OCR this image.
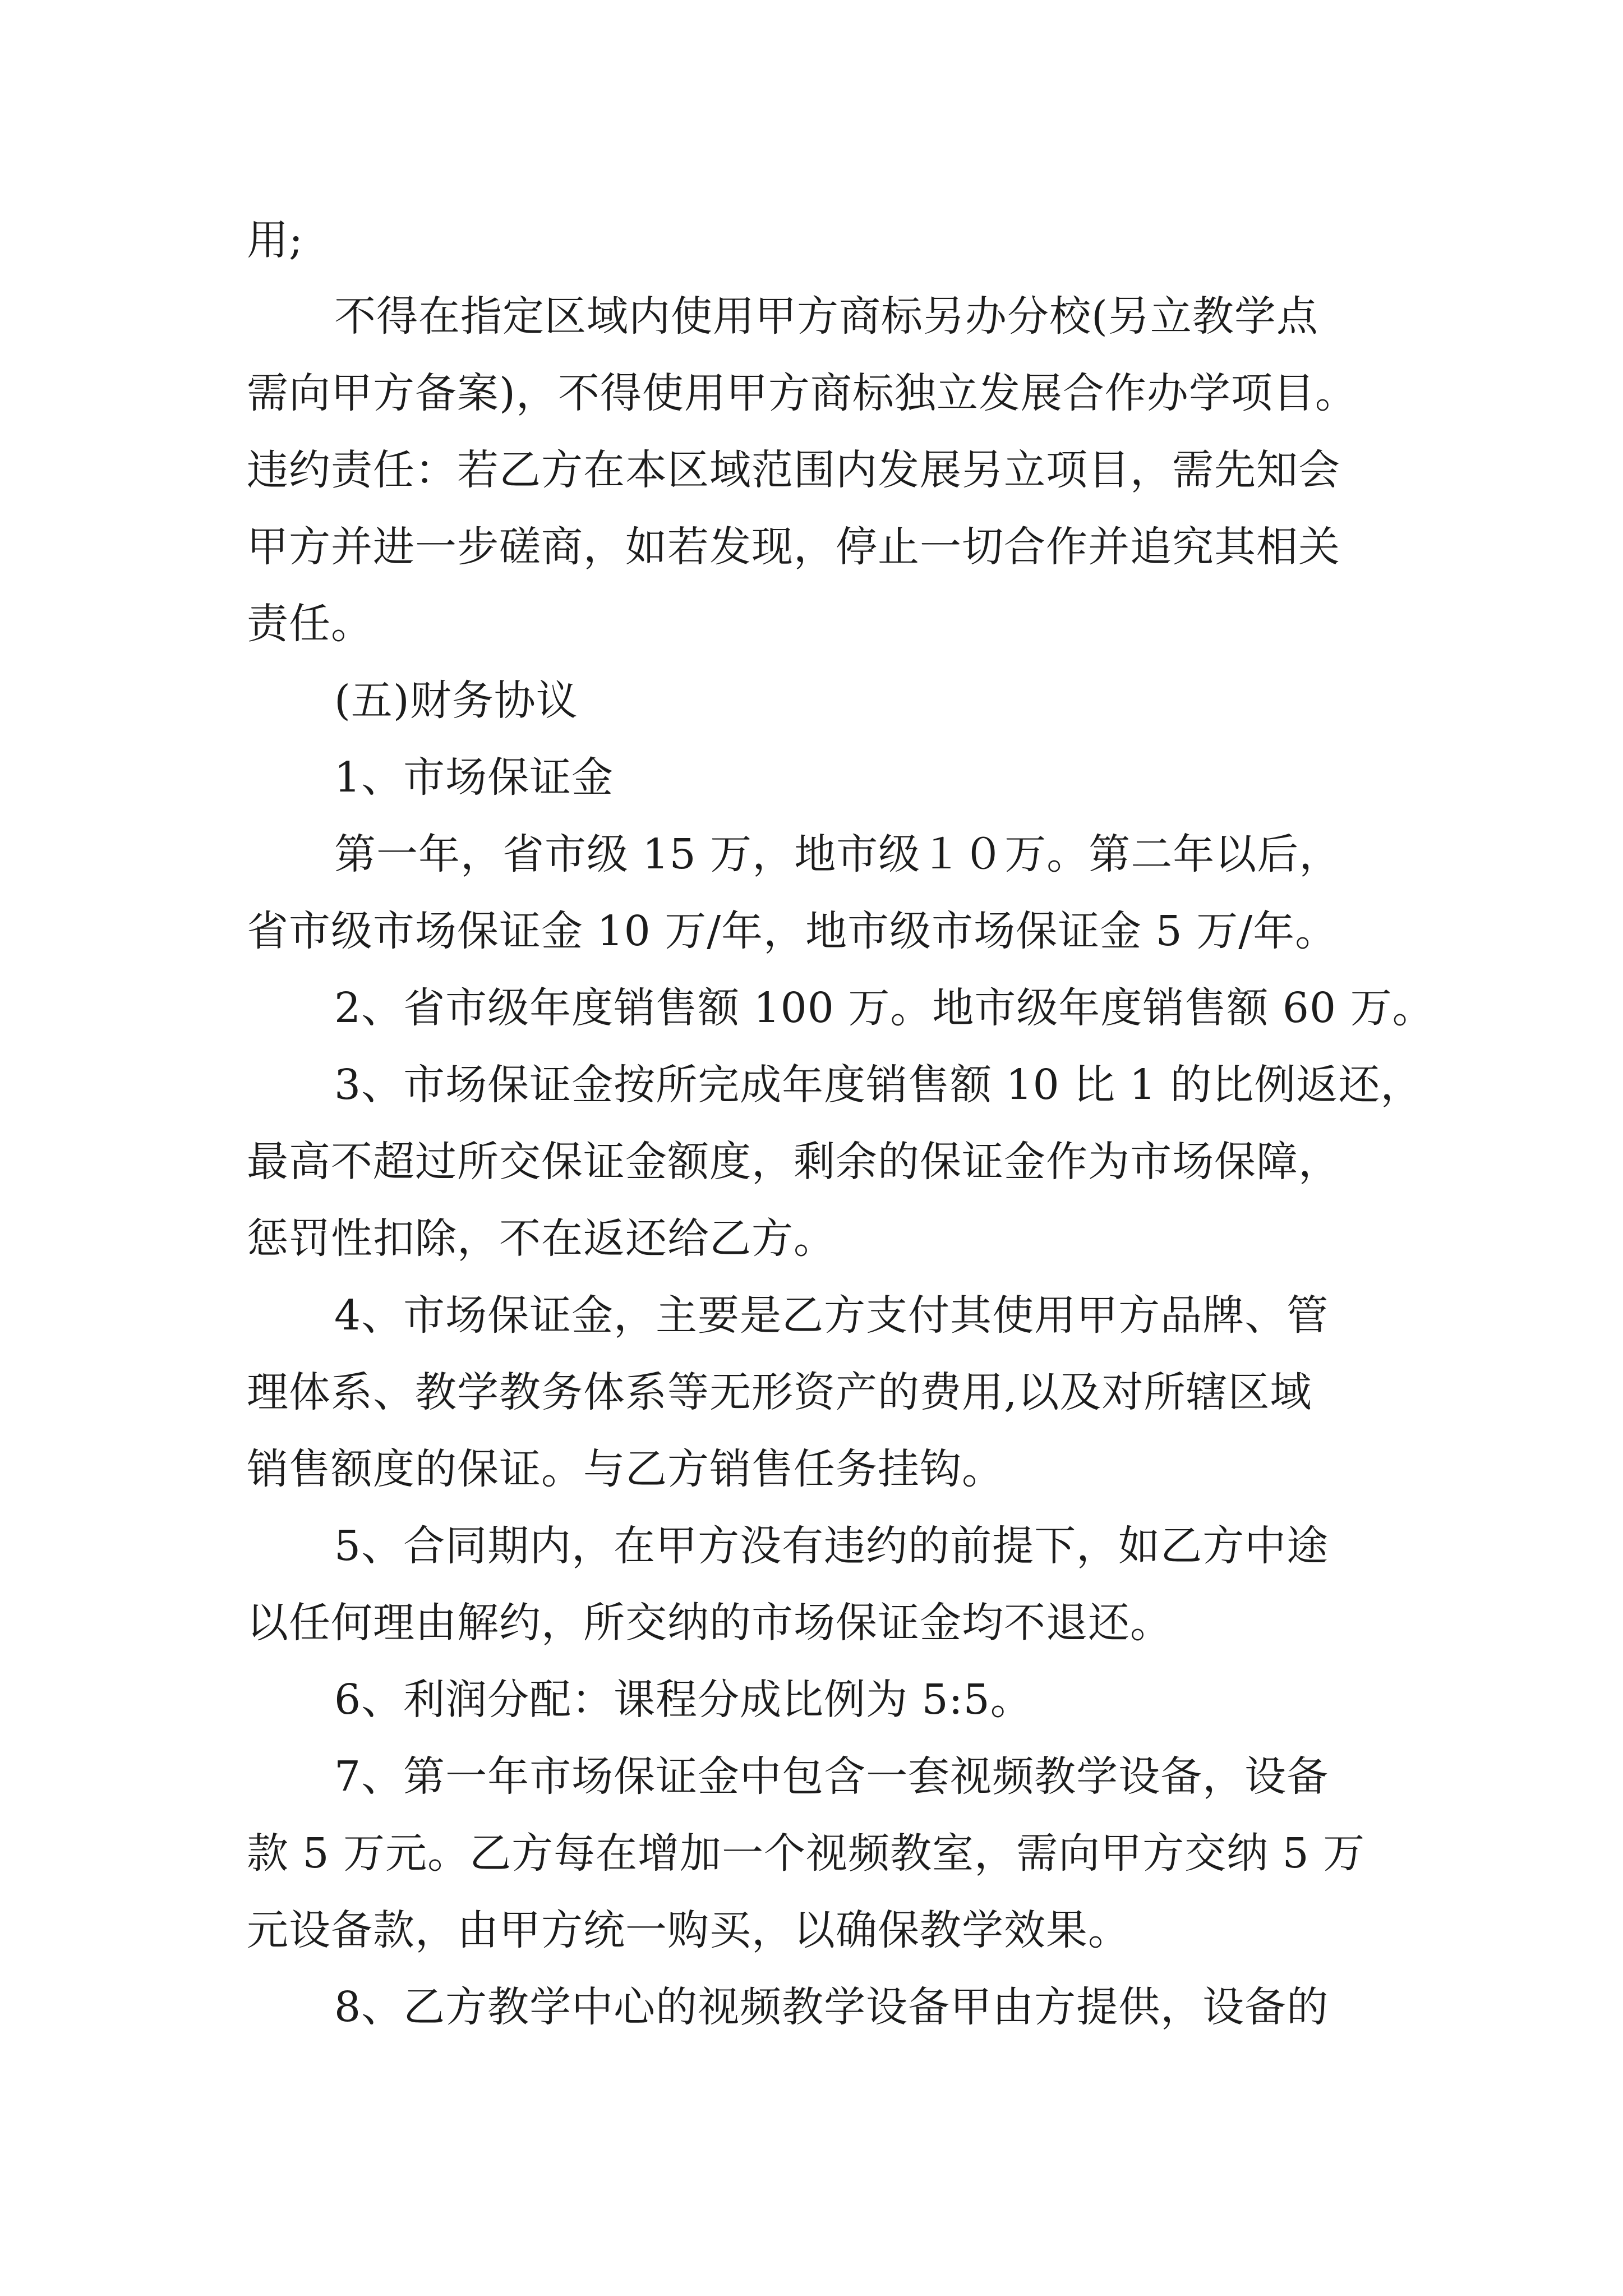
用;
不得在指定区域内使用甲方商标另办分校(另立教学点
需向甲方备案)，不得使用甲方商标独立发展合作办学项目。
违约责任：若乙方在本区域范围内发展另立项目，需先知会
甲方并进一步磋商，如若发现，停止一切合作并追究其相关
责任。
(五)财务协议
1、市场保证金
第一年，省市级 15 万，地市级１０万。第二年以后，
省市级市场保证金 10 万/年，地市级市场保证金 5 万/年。
2、省市级年度销售额 100 万。地市级年度销售额 60 万。
3、市场保证金按所完成年度销售额 10 比 1 的比例返还，
最高不超过所交保证金额度，剩余的保证金作为市场保障，
惩罚性扣除，不在返还给乙方。
4、市场保证金，主要是乙方支付其使用甲方品牌、管
理体系、教学教务体系等无形资产的费用,以及对所辖区域
销售额度的保证。与乙方销售任务挂钩。
5、合同期内，在甲方没有违约的前提下，如乙方中途
以任何理由解约，所交纳的市场保证金均不退还。
6、利润分配：课程分成比例为 5:5。
7、第一年市场保证金中包含一套视频教学设备，设备
款 5 万元。乙方每在增加一个视频教室，需向甲方交纳 5 万
元设备款，由甲方统一购买，以确保教学效果。
8、乙方教学中心的视频教学设备甲由方提供，设备的
